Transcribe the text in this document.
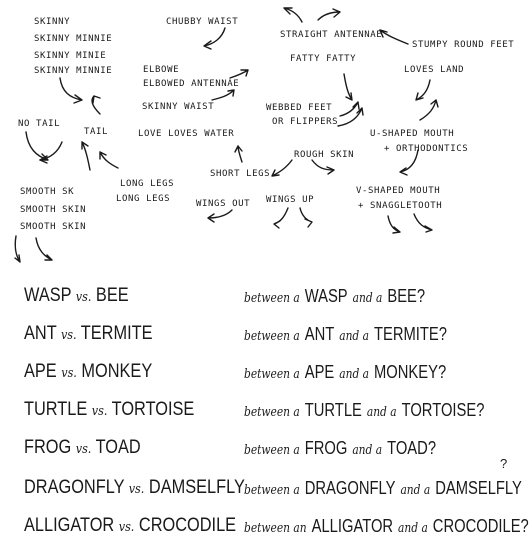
SKINNY
SKINNY MINNIE
SKINNY MINIE
SKINNY MINNIE
CHUBBY WAIST
STRAIGHT ANTENNAE
STUMPY ROUND FEET
FATTY FATTY
ELBOWE
ELBOWED ANTENNAE
LOVES LAND
SKINNY WAIST	WEBBED FEET
OR FLIPPERS
NO TAIL
TAIL	LOVE LOVES WATER	U-SHAPED MOUTH
+ ORTHODONTICS
ROUGH SKIN
SHORT LEGS
LONG LEGS
LONG LEGS
SMOOTH SK
SMOOTH SKIN
SMOOTH SKIN
WINGS OUT WINGS UP
V-SHAPED MOUTH
+ SNAGGLETOOTH
WASP vs. BEE	between a WASP and a BEE?
ANT vs. TERMITE	between a ANT and a TERMITE?
APE vs. MONKEY	between a APE and a MONKEY?
TURTLE vs. TORTOISE	between a TURTLE and a TORTOISE?
FROG vs. TOAD	between a FROG and a TOAD?
DRAGONFLY vs. DAMSELFLY between a DRAGONFLY and a DAMSELFLY
?
ALLIGATOR vs. CROCODILE between an ALLIGATOR and a CROCODILE?
